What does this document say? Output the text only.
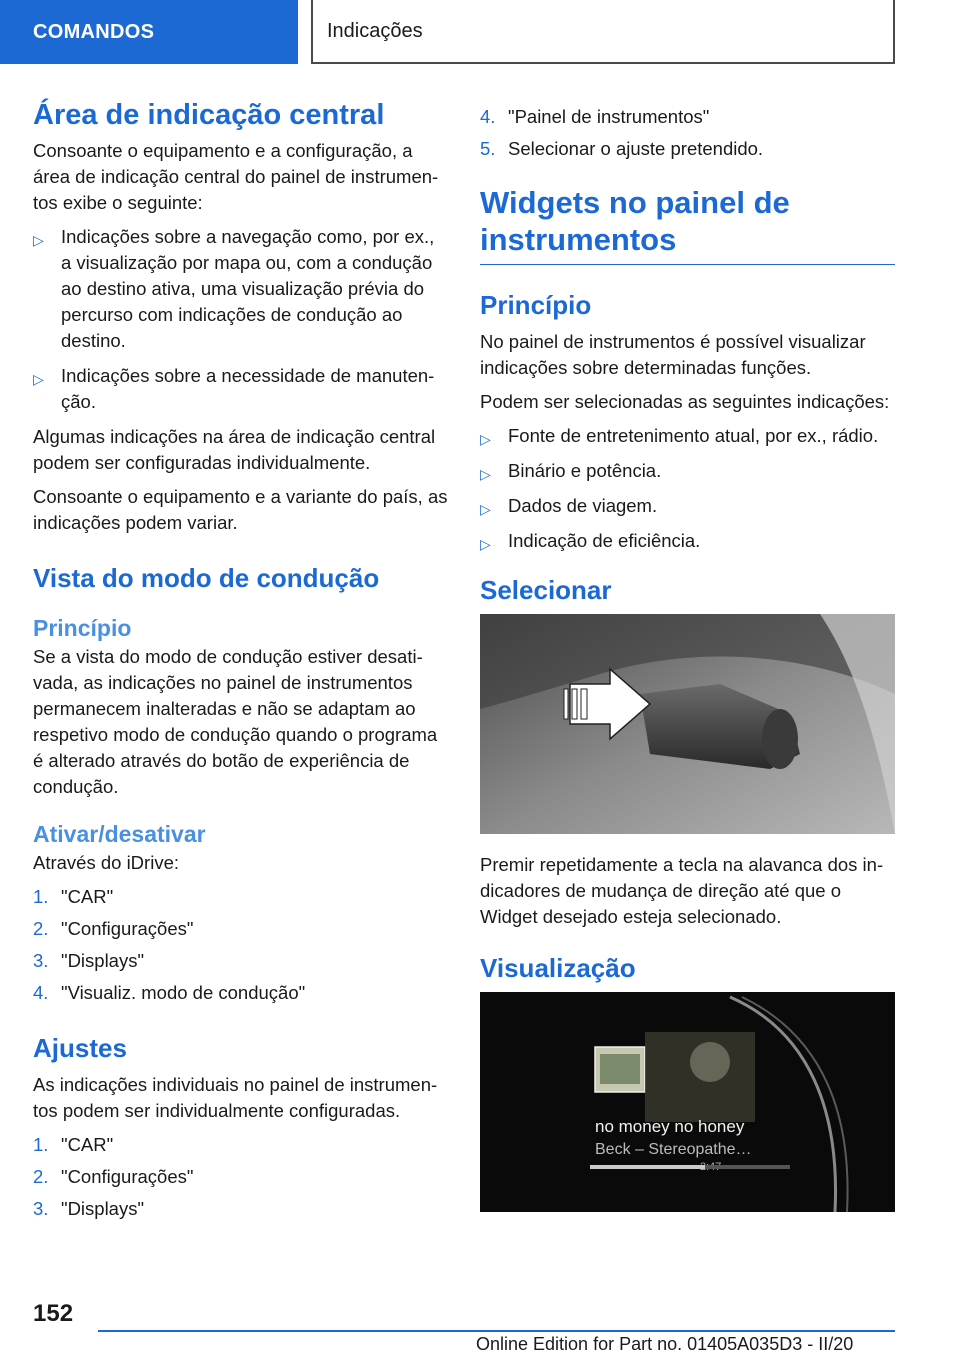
COMANDOS	Indicações
Área de indicação central

Consoante o equipamento e a configuração, a área de indicação central do painel de instrumentos exibe o seguinte:

▷ Indicações sobre a navegação como, por ex., a visualização por mapa ou, com a condução ao destino ativa, uma visualização prévia do percurso com indicações de condução ao destino.
▷ Indicações sobre a necessidade de manutenção.

Algumas indicações na área de indicação central podem ser configuradas individualmente.

Consoante o equipamento e a variante do país, as indicações podem variar.

Vista do modo de condução
Princípio

Se a vista do modo de condução estiver desativada, as indicações no painel de instrumentos permanecem inalteradas e não se adaptam ao respetivo modo de condução quando o programa é alterado através do botão de experiência de condução.

Ativar/desativar

Através do iDrive:

1. "CAR"
2. "Configurações"
3. "Displays"
4. "Visualiz. modo de condução"
Ajustes

As indicações individuais no painel de instrumentos podem ser individualmente configuradas.

1. "CAR"
2. "Configurações"
3. "Displays"
4. "Painel de instrumentos"
5. Selecionar o ajuste pretendido.
Widgets no painel de instrumentos
Princípio

No painel de instrumentos é possível visualizar indicações sobre determinadas funções.

Podem ser selecionadas as seguintes indicações:

▷ Fonte de entretenimento atual, por ex., rádio.
▷ Binário e potência.
▷ Dados de viagem.
▷ Indicação de eficiência.
Selecionar

Premir repetidamente a tecla na alavanca dos indicadores de mudança de direção até que o Widget desejado esteja selecionado.

Visualização
no money no honey
Beck – Stereopathe…
152
Online Edition for Part no. 01405A035D3 - II/20
